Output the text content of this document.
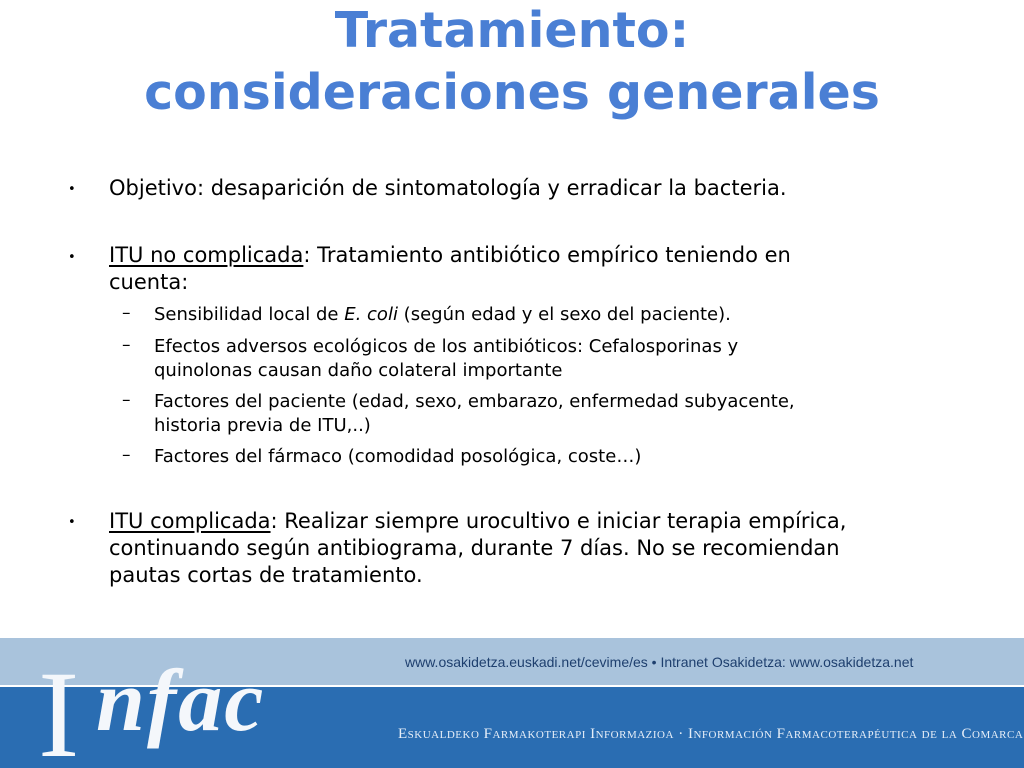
Tratamiento:
consideraciones generales
• Objetivo: desaparición de sintomatología y erradicar la bacteria.
• ITU no complicada: Tratamiento antibiótico empírico teniendo en
cuenta:
– Sensibilidad local de E. coli (según edad y el sexo del paciente).
– Efectos adversos ecológicos de los antibióticos: Cefalosporinas y
quinolonas causan daño colateral importante
– Factores del paciente (edad, sexo, embarazo, enfermedad subyacente,
historia previa de ITU,..)
– Factores del fármaco (comodidad posológica, coste…)
• ITU complicada: Realizar siempre urocultivo e iniciar terapia empírica,
continuando según antibiograma, durante 7 días. No se recomiendan
pautas cortas de tratamiento.
www.osakidetza.euskadi.net/cevime/es • Intranet Osakidetza: www.osakidetza.net
Eskualdeko Farmakoterapi Informazioa · Información Farmacoterapéutica de la Comarca
I nfac
